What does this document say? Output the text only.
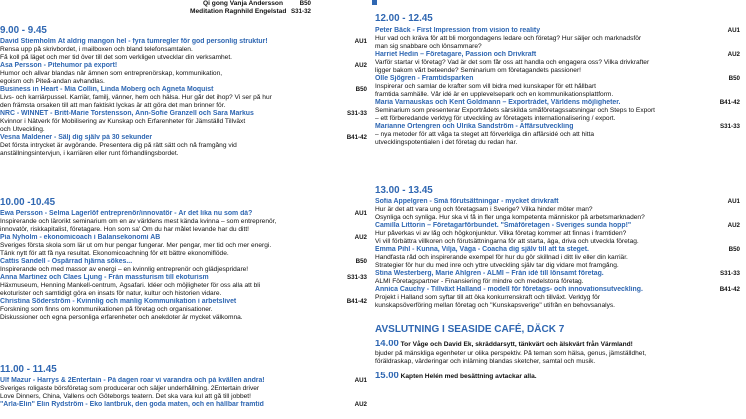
Qi gong Vanja Andersson	B50
Meditation Ragnhild Engelstad S31-32
9.00 - 9.45
David Stiemholm Ät aldrig mangon hel - fyra tumregler för god personlig struktur!	AU1
Rensa upp på skrivbordet, i mailboxen och bland telefonsamtalen.
Få koll på läget och mer tid över till det som verkligen utvecklar din verksamhet.
Åsa Persson - Pitehumor på export!	AU2
Humor och allvar blandas när ämnen som entreprenörskap, kommunikation,
egoism och Piteå-andan avhandlas.
Business in Heart - Mia Collin, Linda Moberg och Agneta Moquist	B50
Livs- och karriärpussel. Karriär, familj, vänner, hem och hälsa. Hur går det ihop? Vi ser på hur
den främsta orsaken till att man faktiskt lyckas är att göra det man brinner för.
NRC - WINNET - Britt-Marie Torstensson, Ann-Sofie Granzell och Sara Markus	S31-33
Kvinnor i Nätverk för Mobilisering av Kunskap och Erfarenheter för Jämställd Tillväxt
och Utveckling.
Vesna Maldener - Sälj dig själv på 30 sekunder	B41-42
Det första intrycket är avgörande. Presentera dig på rätt sätt och nå framgång vid
anställningsintervjun, i karriären eller runt förhandlingsbordet.
10.00 -10.45
Ewa Persson - Selma Lagerlöf entreprenör/innovatör - Är det lika nu som då?	AU1
Inspirerande och lärorikt seminarium om en av världens mest kända kvinna – som entreprenör,
innovatör, riskkapitalist, företagare. Hon som sa' Om du har målet levande har du ditt!
Pia Nyholm - ekonomicoach i Balansekonomi AB	AU2
Sveriges första skola som lär ut om hur pengar fungerar. Mer pengar, mer tid och mer energi.
Tänk nytt för att få nya resultat. Ekonomicoachning för ett bättre ekonomiflöde.
Cattis Sandell - Ospärrad hjärna sökes...	B50
Inspirerande och med massor av energi – en kvinnlig entreprenör och glädjespridare!
Anna Martinez och Claes Ljung - Från massturism till ekoturism	S31-33
Häxmuseum, Henning Mankell-centrum, Ägsafari. Idéer och möjligheter för oss alla att bli
ekoturister och samtidigt göra en insats för natur, kultur och historien vidare.
Christina Söderström - Kvinnlig och manlig Kommunikation i arbetslivet	B41-42
Forskning som finns om kommunikationen på företag och organisationer.
Diskussioner och egna personliga erfarenheter och anekdoter är mycket välkomna.
11.00 - 11.45
Ulf Mazur - Harrys & 2Entertain - På dagen roar vi varandra och på kvällen andra!	AU1
Sveriges roligaste börsföretag som producerar och säljer underhållning. 2Entertain driver
Love Dinners, China, Vallens och Göteborgs teatern. Det ska vara kul att gå till jobbet!
"Arla-Elin" Elin Rydström - Eko lantbruk, den goda maten, och en hållbar framtid	AU2
12.00 - 12.45
Peter Bäck - First Impression from vision to reality	AU1
Hur vad och kräva för att bli morgondagens ledare och företag? Hur säljer och marknadsför
man sig snabbare och lönsammare?
Harriet Hedin – Företagare, Passion och Drivkraft	AU2
Varför startar vi företag? Vad är det som får oss att handla och engagera oss? Vilka drivkrafter
ligger bakom vårt beteende? Seminarium om företagandets passioner!
Olle Sjögren - Framtidsparken	B50
Inspirerar och samlar de krafter som vill bidra med kunskaper för ett hållbart
framtida samhälle. Vår idé är en upplevelsepark och en kommunikationsplattform.
Maria Varnauskas och Kent Goldmann – Exportrådet, Världens möjligheter.	B41-42
Seminarium som presenterar Exportrådets särskilda småföretagssatsningar och Steps to Export
– ett förberedande verktyg för utveckling av företagets internationalisering / export.
Marianne Örtengren och Ulrika Sandström - Affärsutveckling	S31-33
– nya metoder för att våga ta steget att förverkliga din affärsidé och att hitta
utvecklingspotentialen i det företag du redan har.
13.00 - 13.45
Sofia Appelgren - Små förutsättningar - mycket drivkraft	AU1
Hur är det att vara ung och företagsam i Sverige? Vilka hinder möter man?
Osynliga och synliga. Hur ska vi få in fler unga kompetenta människor på arbetsmarknaden?
Camilla Littorin – Företagarförbundet. "Småföretagen - Sveriges sunda hopp!"	AU2
Hur påverkas vi av låg och högkonjunktur. Vilka företag kommer att finnas i framtiden?
Vi vill förbättra villkoren och förutsättningarna för att starta, äga, driva och utveckla företag.
Emma Pihl - Kunna, Vilja, Våga - Coacha dig själv till att ta steget.	B50
Handfasta råd och inspirerande exempel för hur du gör skillnad i ditt liv eller din karriär.
Strategier för hur du med inre och yttre utveckling själv tar dig vidare mot framgång.
Stina Westerberg, Marie Ahlgren - ALMI – Från idé till lönsamt företag.	S31-33
ALMI Företagspartner - Finansiering för mindre och medelstora företag.
Annica Cauchy - Tillväxt Halland - modell för företags- och innovationsutveckling.	B41-42
Projekt i Halland som syftar till att öka konkurrenskraft och tillväxt. Verktyg för
kunskapsöverföring mellan företag och "Kunskapsverige" utifrån en behovsanalys.
AVSLUTNING I SEASIDE CAFÉ, DÄCK 7
14.00 Tor Våge och David Ek, skräddarsytt, tänkvärt och älskvärt från Värmland!
bjuder på mänskliga egenheter ur olika perspektiv. På teman som hälsa, genus, jämställdhet,
föräldraskap, värderingar och inlärning blandas sketcher, samtal och musik.
15.00 Kapten Helén med besättning avtackar alla.
